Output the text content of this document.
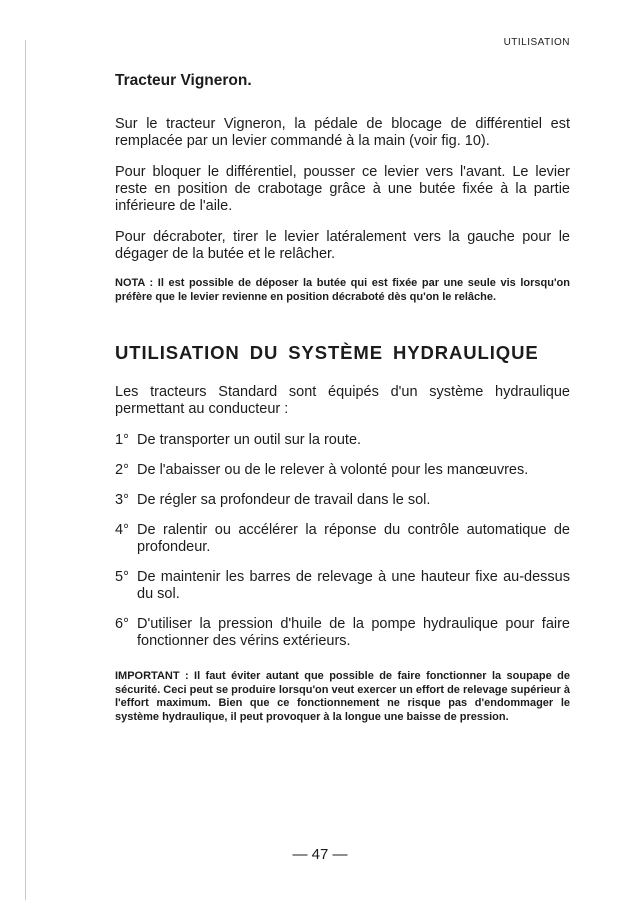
UTILISATION
Tracteur Vigneron.

Sur le tracteur Vigneron, la pédale de blocage de différentiel est remplacée par un levier commandé à la main (voir fig. 10).

Pour bloquer le différentiel, pousser ce levier vers l'avant. Le levier reste en position de crabotage grâce à une butée fixée à la partie inférieure de l'aile.

Pour décraboter, tirer le levier latéralement vers la gauche pour le dégager de la butée et le relâcher.

NOTA : Il est possible de déposer la butée qui est fixée par une seule vis lorsqu'on préfère que le levier revienne en position décraboté dès qu'on le relâche.

UTILISATION DU SYSTÈME HYDRAULIQUE

Les tracteurs Standard sont équipés d'un système hydraulique permettant au conducteur :

1° De transporter un outil sur la route.
2° De l'abaisser ou de le relever à volonté pour les manœuvres.
3° De régler sa profondeur de travail dans le sol.
4° De ralentir ou accélérer la réponse du contrôle automatique de profondeur.
5° De maintenir les barres de relevage à une hauteur fixe au-dessus du sol.
6° D'utiliser la pression d'huile de la pompe hydraulique pour faire fonctionner des vérins extérieurs.

IMPORTANT : Il faut éviter autant que possible de faire fonctionner la soupape de sécurité. Ceci peut se produire lorsqu'on veut exercer un effort de relevage supérieur à l'effort maximum. Bien que ce fonctionnement ne risque pas d'endommager le système hydraulique, il peut provoquer à la longue une baisse de pression.

— 47 —
